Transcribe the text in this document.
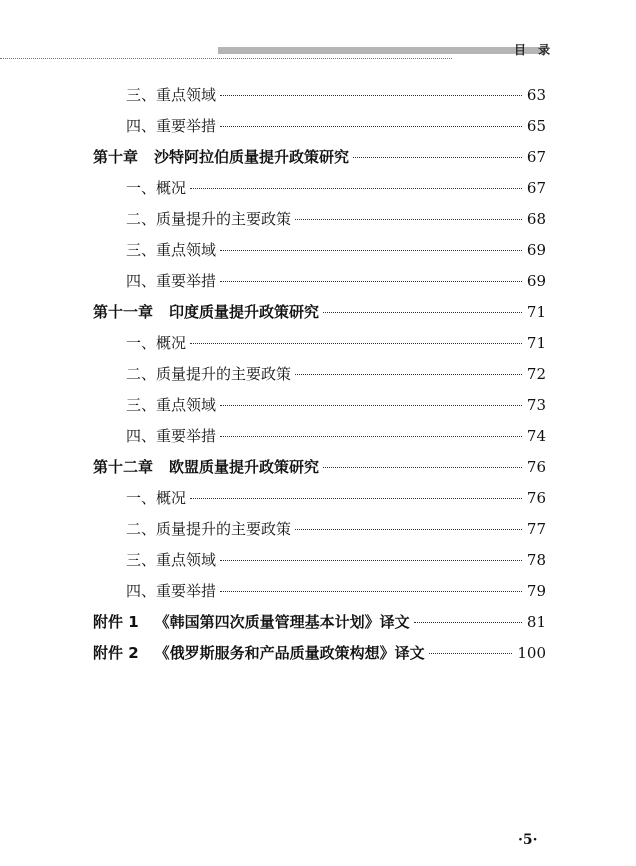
目 录
三、重点领域	63
四、重要举措	65
第十章 沙特阿拉伯质量提升政策研究	67
一、概况	67
二、质量提升的主要政策	68
三、重点领域	69
四、重要举措	69
第十一章 印度质量提升政策研究	71
一、概况	71
二、质量提升的主要政策	72
三、重点领域	73
四、重要举措	74
第十二章 欧盟质量提升政策研究	76
一、概况	76
二、质量提升的主要政策	77
三、重点领域	78
四、重要举措	79
附件 1 《韩国第四次质量管理基本计划》译文	81
附件 2 《俄罗斯服务和产品质量政策构想》译文	100
·5·
